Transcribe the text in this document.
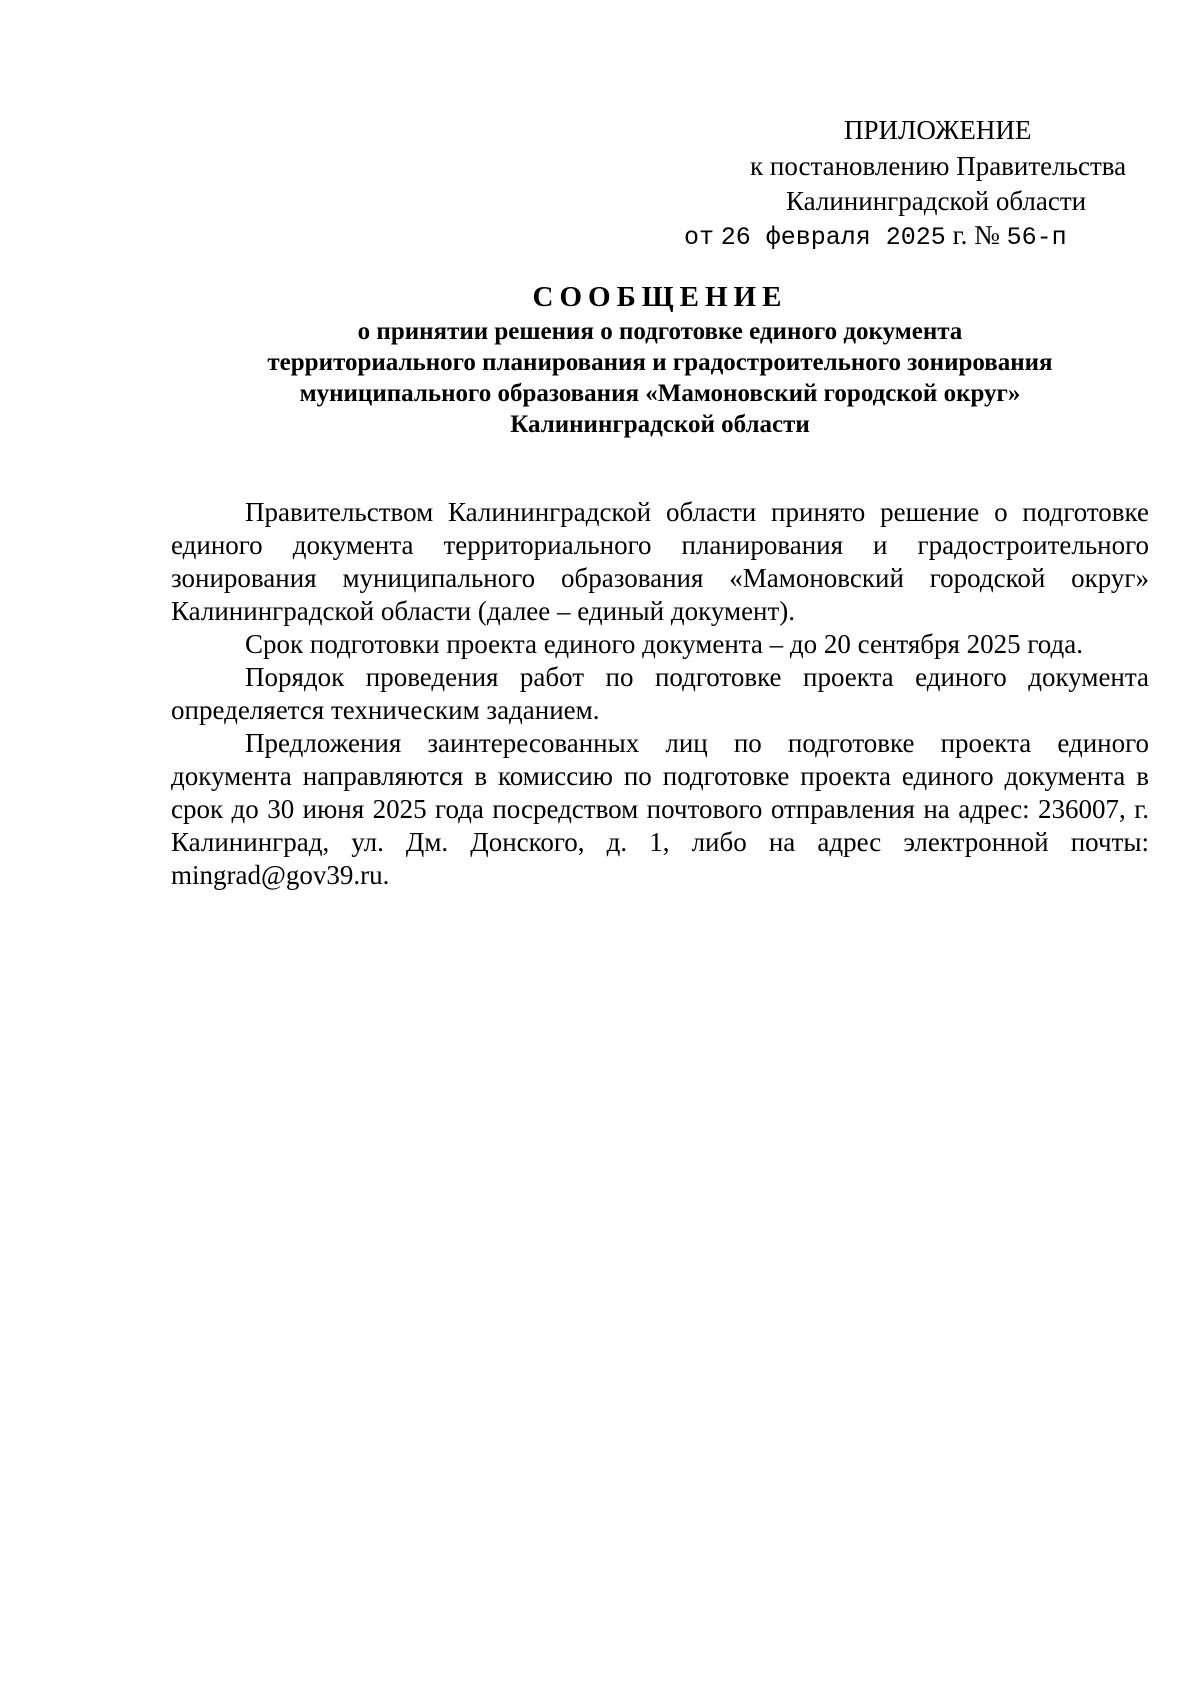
ПРИЛОЖЕНИЕ
к постановлению Правительства
Калининградской области
от 26 февраля 2025 г. № 56-п
СООБЩЕНИЕ

о принятии решения о подготовке единого документа

территориального планирования и градостроительного зонирования

муниципального образования «Мамоновский городской округ»

Калининградской области

Правительством Калининградской области принято решение о подготовке единого документа территориального планирования и градостроительного зонирования муниципального образования «Мамоновский городской округ» Калининградской области (далее – единый документ).

Срок подготовки проекта единого документа – до 20 сентября 2025 года.

Порядок проведения работ по подготовке проекта единого документа определяется техническим заданием.

Предложения заинтересованных лиц по подготовке проекта единого документа направляются в комиссию по подготовке проекта единого документа в срок до 30 июня 2025 года посредством почтового отправления на адрес: 236007, г. Калининград, ул. Дм. Донского, д. 1, либо на адрес электронной почты: mingrad@gov39.ru.
